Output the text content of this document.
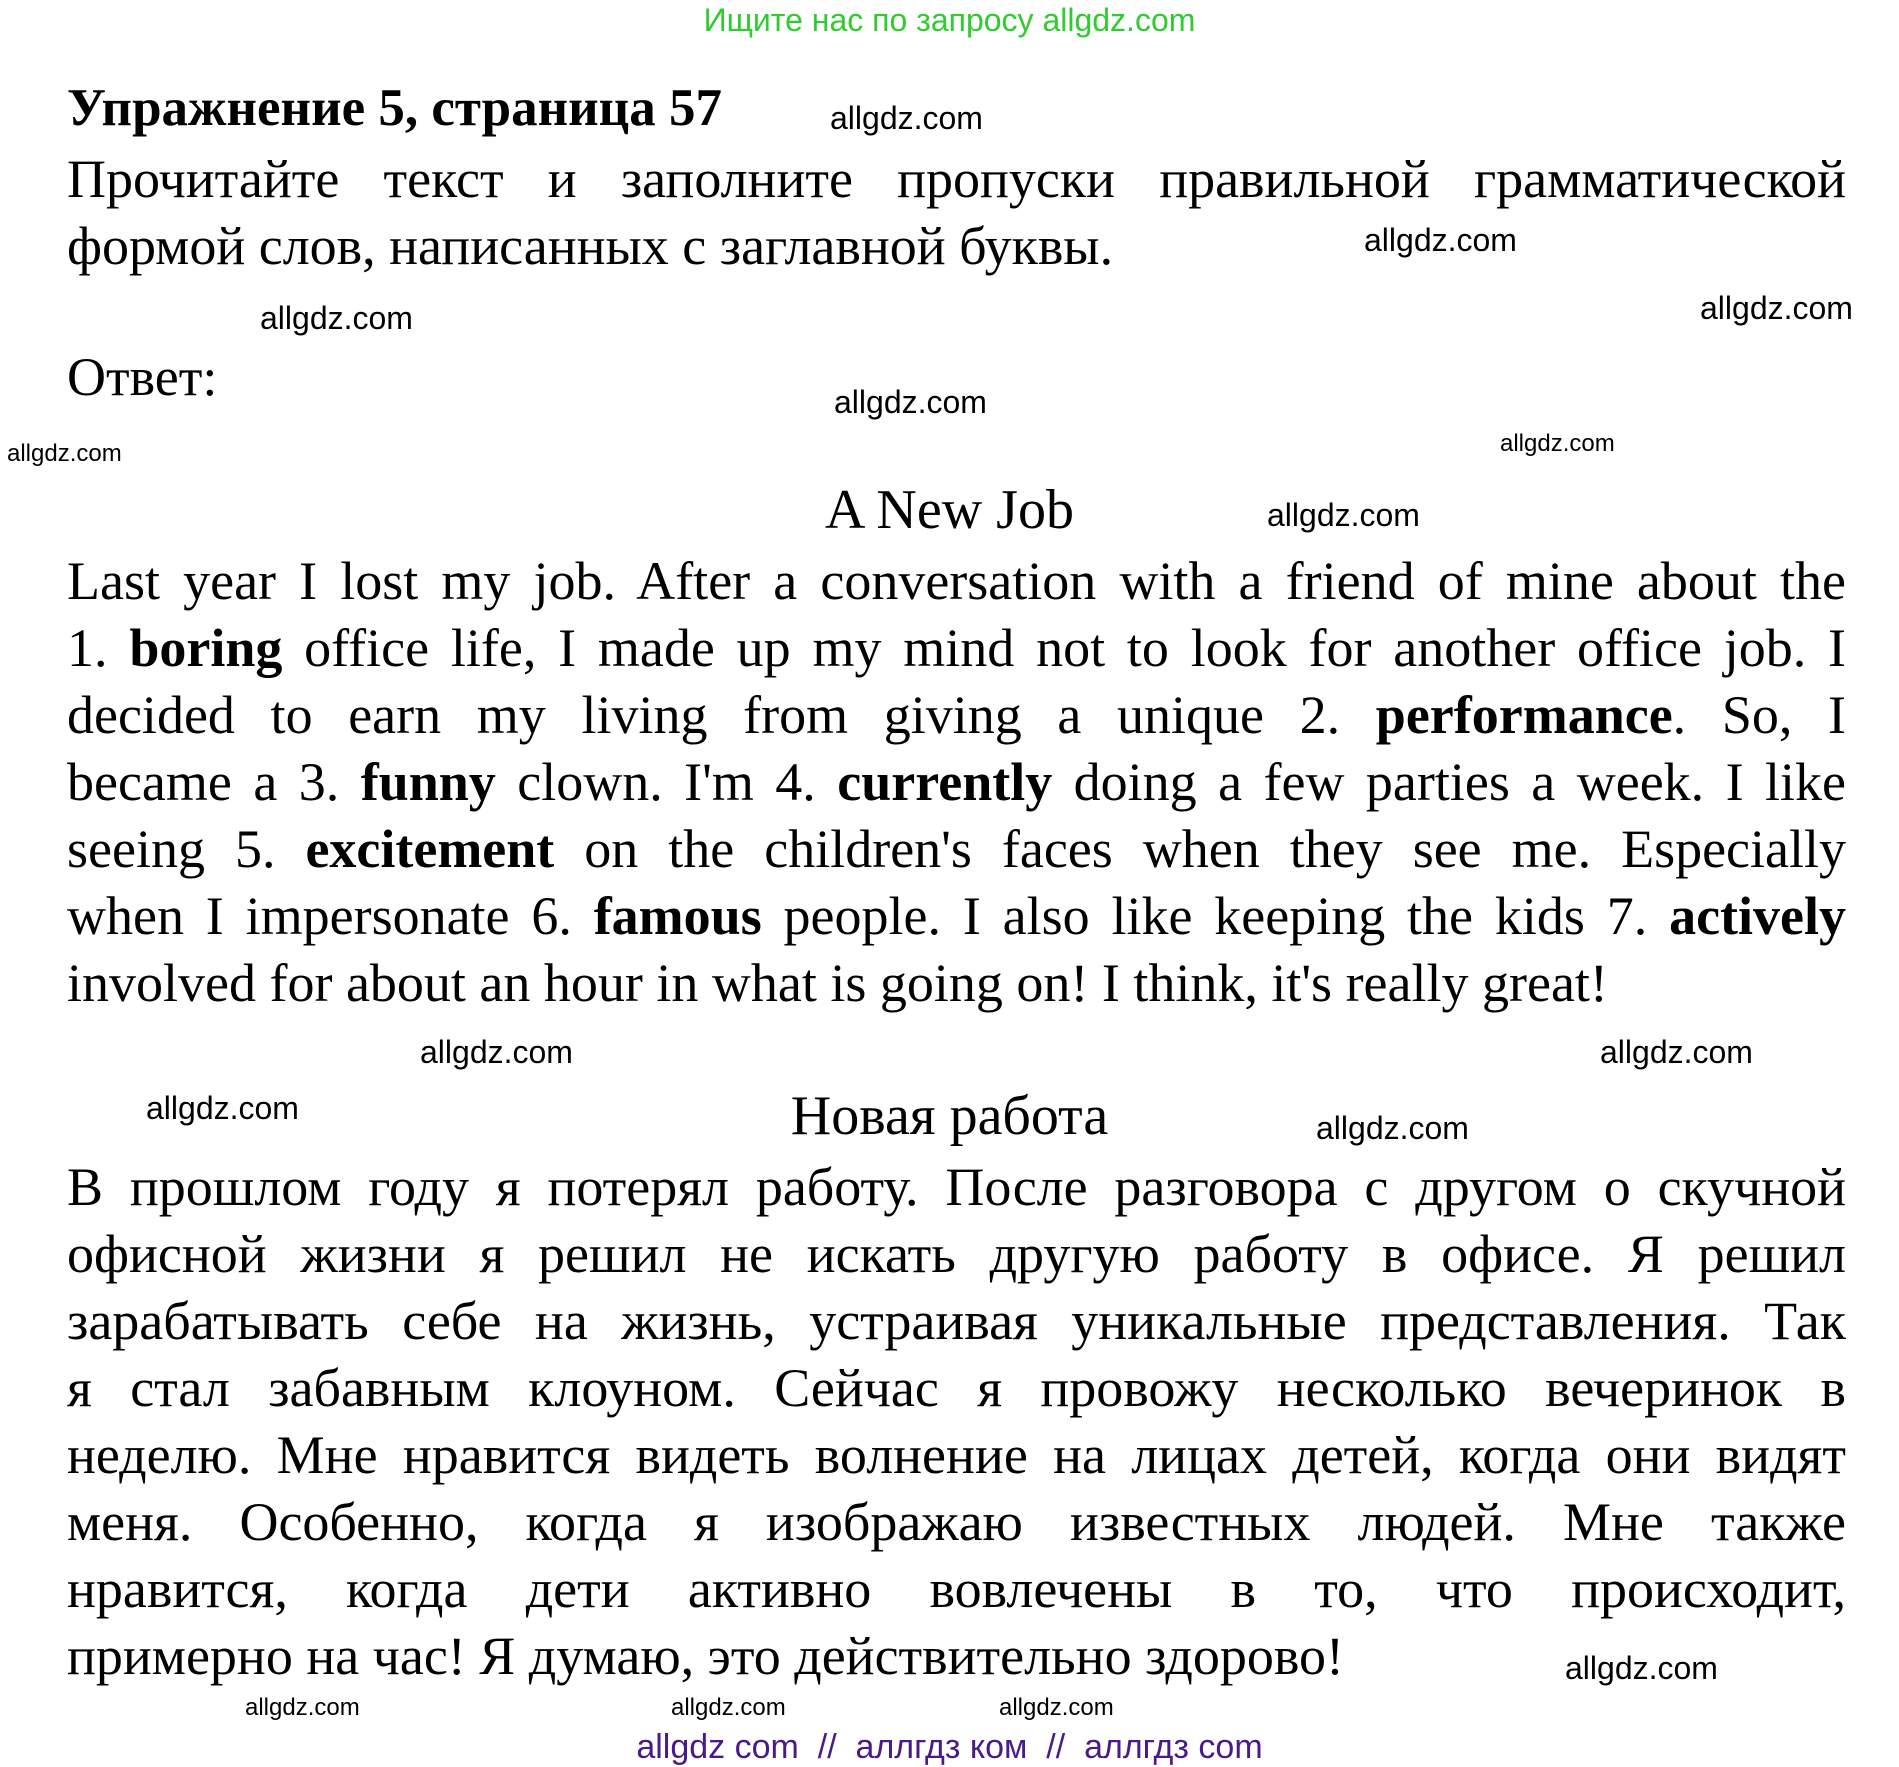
Ищите нас по запросу allgdz.com
Упражнение 5, страница 57
Прочитайте текст и заполните пропуски правильной грамматической
формой слов, написанных с заглавной буквы.
Ответ:
A New Job
Last year I lost my job. After a conversation with a friend of mine about the
1. boring office life, I made up my mind not to look for another office job. I
decided to earn my living from giving a unique 2. performance. So, I
became a 3. funny clown. I'm 4. currently doing a few parties a week. I like
seeing 5. excitement on the children's faces when they see me. Especially
when I impersonate 6. famous people. I also like keeping the kids 7. actively
involved for about an hour in what is going on! I think, it's really great!
Новая работа
В прошлом году я потерял работу. После разговора с другом о скучной
офисной жизни я решил не искать другую работу в офисе. Я решил
зарабатывать себе на жизнь, устраивая уникальные представления. Так
я стал забавным клоуном. Сейчас я провожу несколько вечеринок в
неделю. Мне нравится видеть волнение на лицах детей, когда они видят
меня. Особенно, когда я изображаю известных людей. Мне также
нравится, когда дети активно вовлечены в то, что происходит,
примерно на час! Я думаю, это действительно здорово!
allgdz.com
allgdz.com
allgdz.com
allgdz.com
allgdz.com
allgdz.com
allgdz.com
allgdz.com
allgdz.com
allgdz.com
allgdz.com
allgdz.com
allgdz.com
allgdz.com	allgdz.com
allgdz.com
allgdz com  //  аллгдз ком  //  аллгдз com
